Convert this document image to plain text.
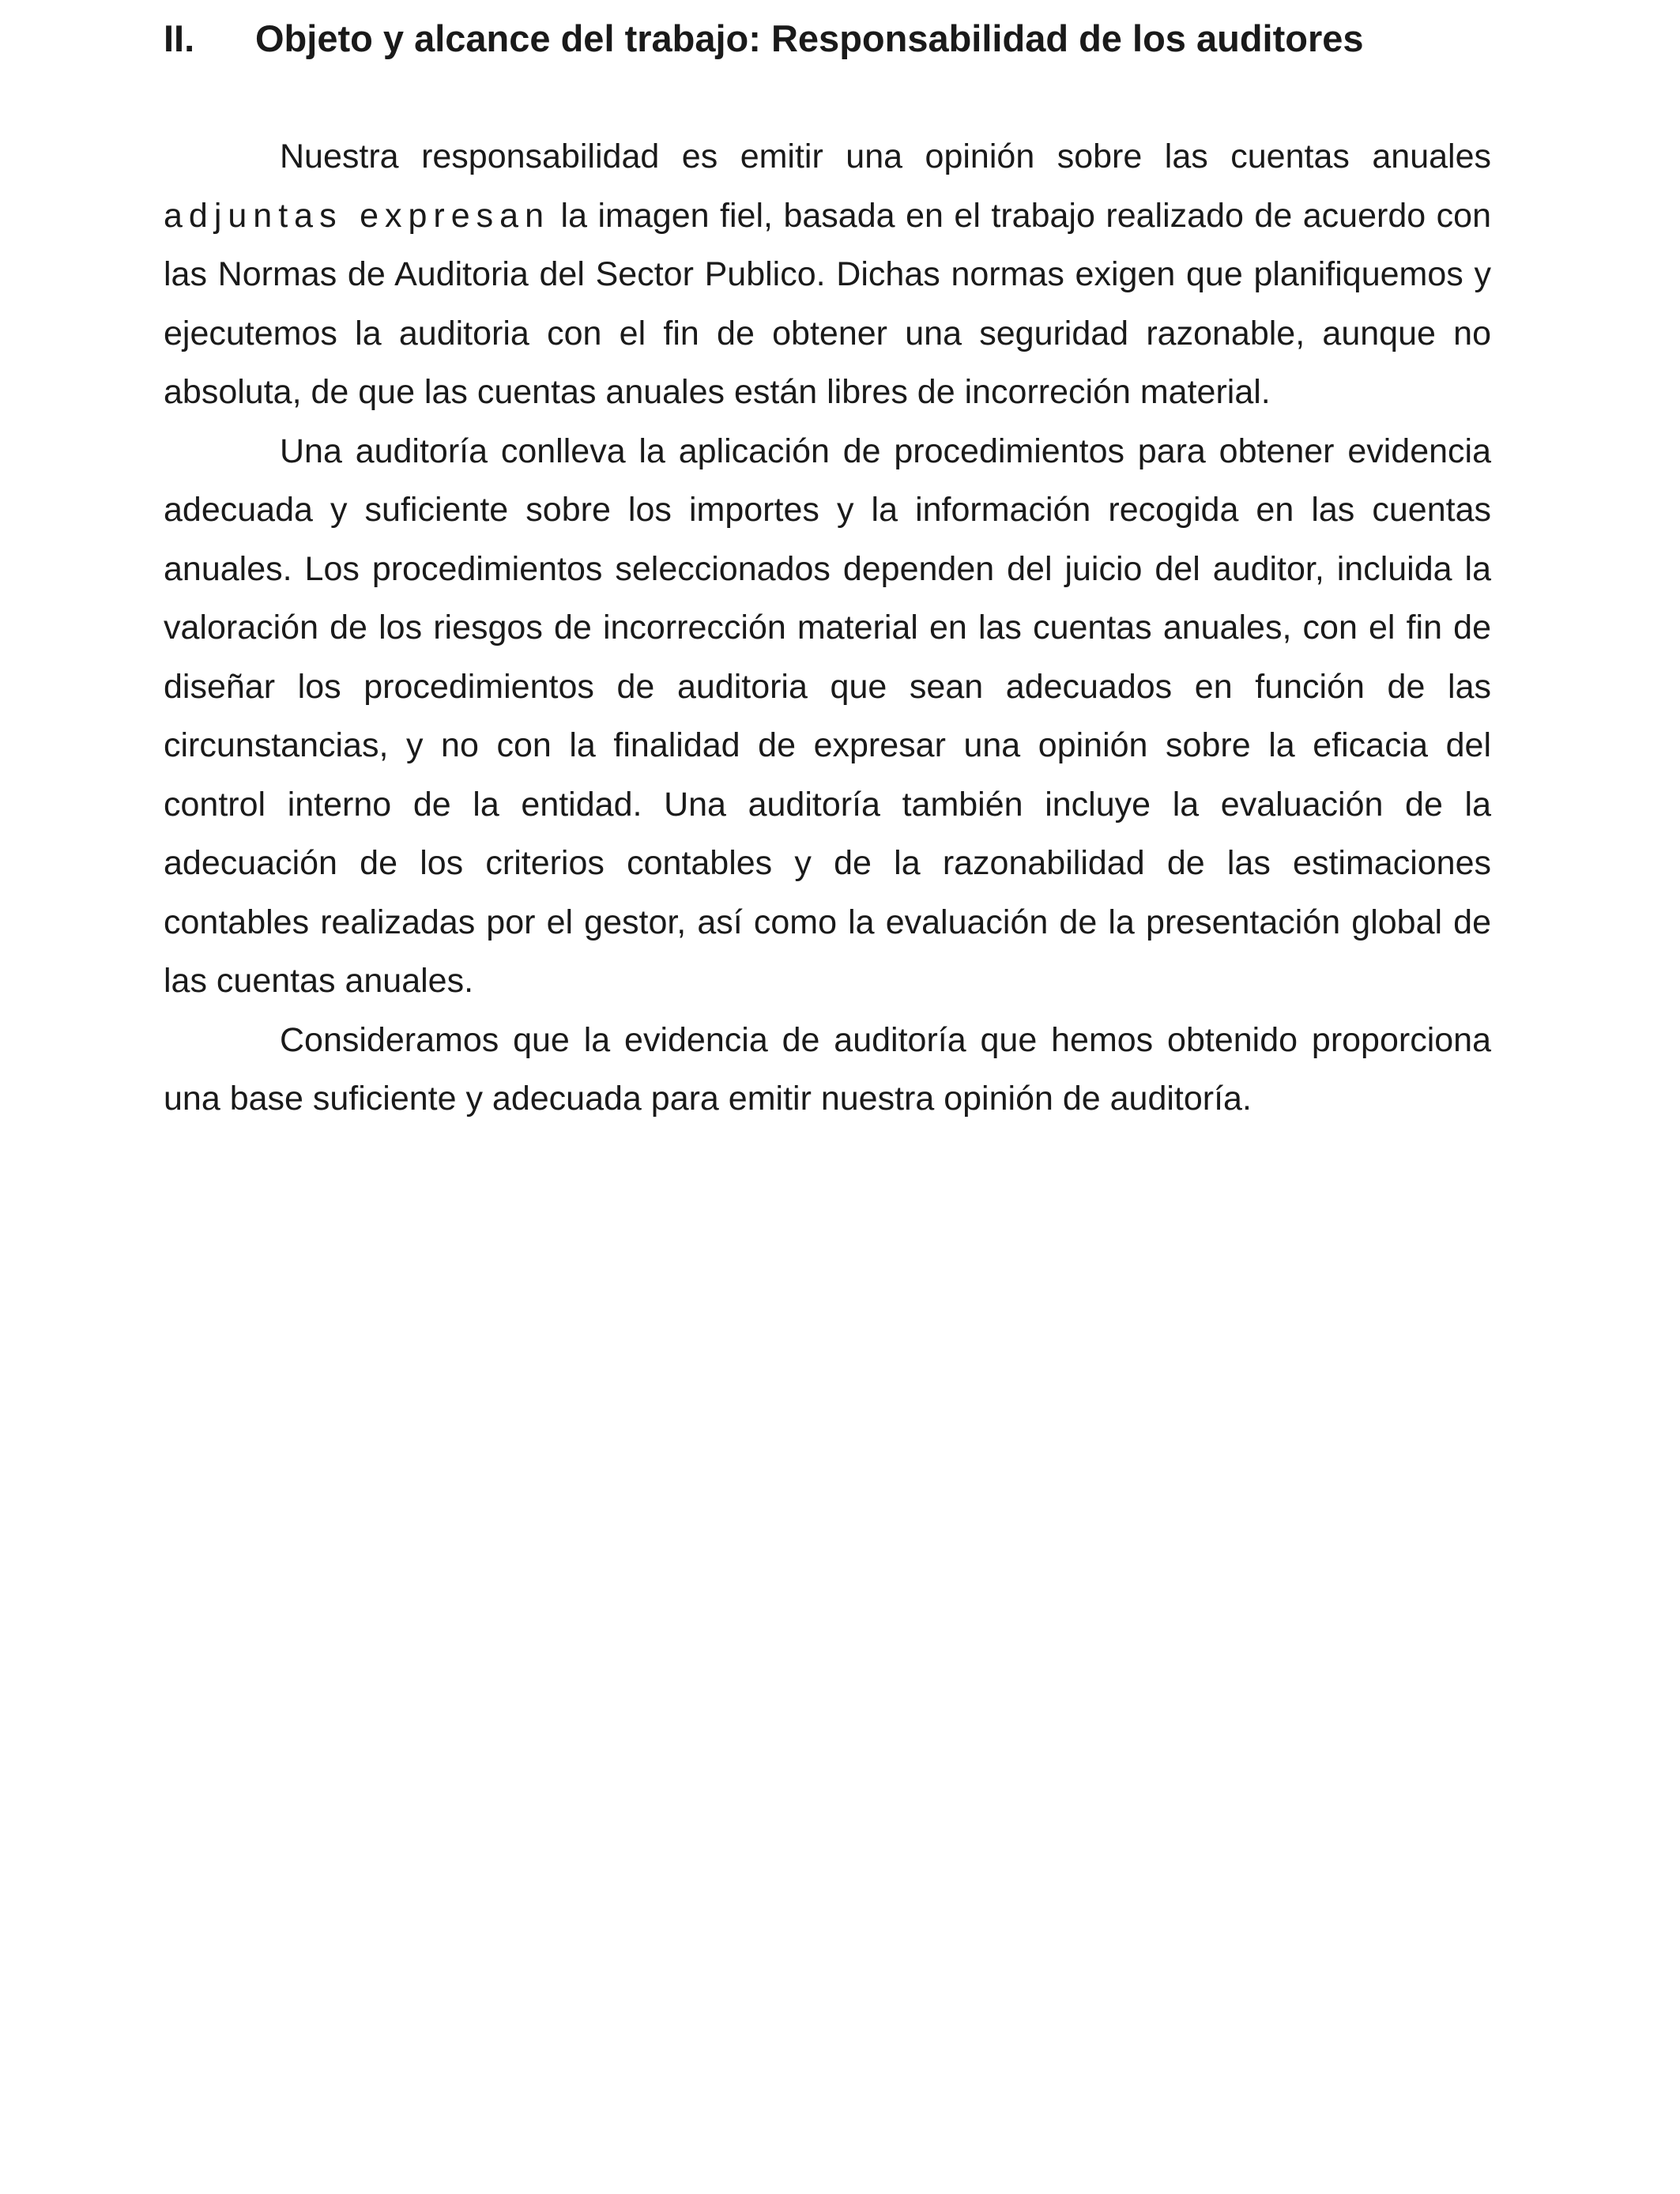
II. Objeto y alcance del trabajo: Responsabilidad de los auditores

Nuestra responsabilidad es emitir una opinión sobre las cuentas anuales adjuntas expresan la imagen fiel, basada en el trabajo realizado de acuerdo con las Normas de Auditoria del Sector Publico. Dichas normas exigen que planifiquemos y ejecutemos la auditoria con el fin de obtener una seguridad razonable, aunque no absoluta, de que las cuentas anuales están libres de incorreción material.

Una auditoría conlleva la aplicación de procedimientos para obtener evidencia adecuada y suficiente sobre los importes y la información recogida en las cuentas anuales. Los procedimientos seleccionados dependen del juicio del auditor, incluida la valoración de los riesgos de incorrección material en las cuentas anuales, con el fin de diseñar los procedimientos de auditoria que sean adecuados en función de las circunstancias, y no con la finalidad de expresar una opinión sobre la eficacia del control interno de la entidad. Una auditoría también incluye la evaluación de la adecuación de los criterios contables y de la razonabilidad de las estimaciones contables realizadas por el gestor, así como la evaluación de la presentación global de las cuentas anuales.

Consideramos que la evidencia de auditoría que hemos obtenido proporciona una base suficiente y adecuada para emitir nuestra opinión de auditoría.
